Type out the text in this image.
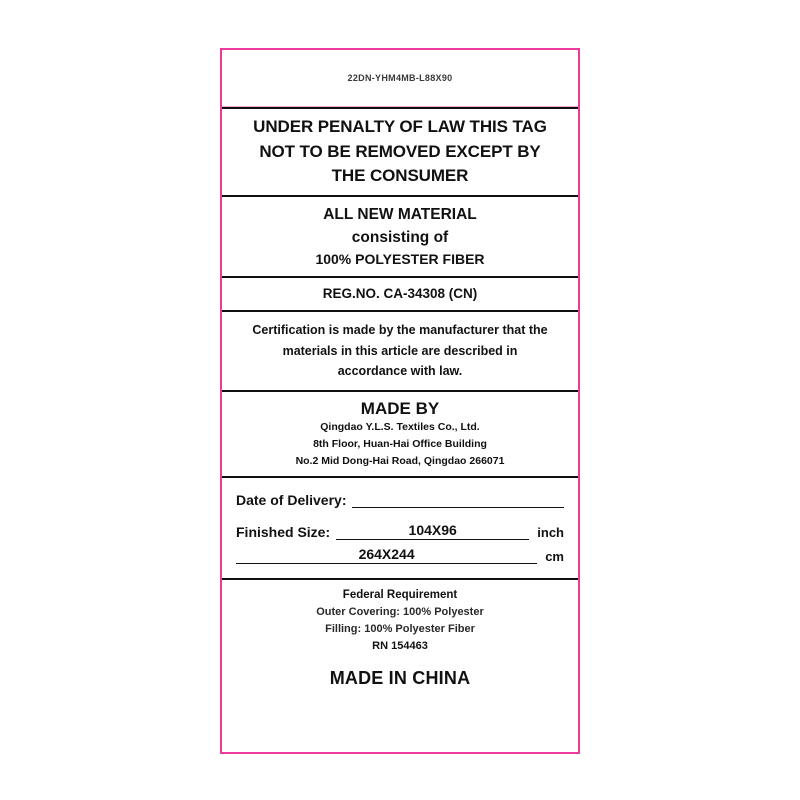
22DN-YHM4MB-L88X90
UNDER PENALTY OF LAW THIS TAG
NOT TO BE REMOVED EXCEPT BY
THE CONSUMER
ALL NEW MATERIAL
consisting of
100% POLYESTER FIBER
REG.NO. CA-34308 (CN)
Certification is made by the manufacturer that the
materials in this article are described in
accordance with law.
MADE BY
Qingdao Y.L.S. Textiles Co., Ltd.
8th Floor, Huan-Hai Office Building
No.2 Mid Dong-Hai Road, Qingdao 266071
Date of Delivery:
Finished Size:	104X96	inch
264X244	cm
Federal Requirement
Outer Covering: 100% Polyester
Filling: 100% Polyester Fiber
RN 154463
MADE IN CHINA
